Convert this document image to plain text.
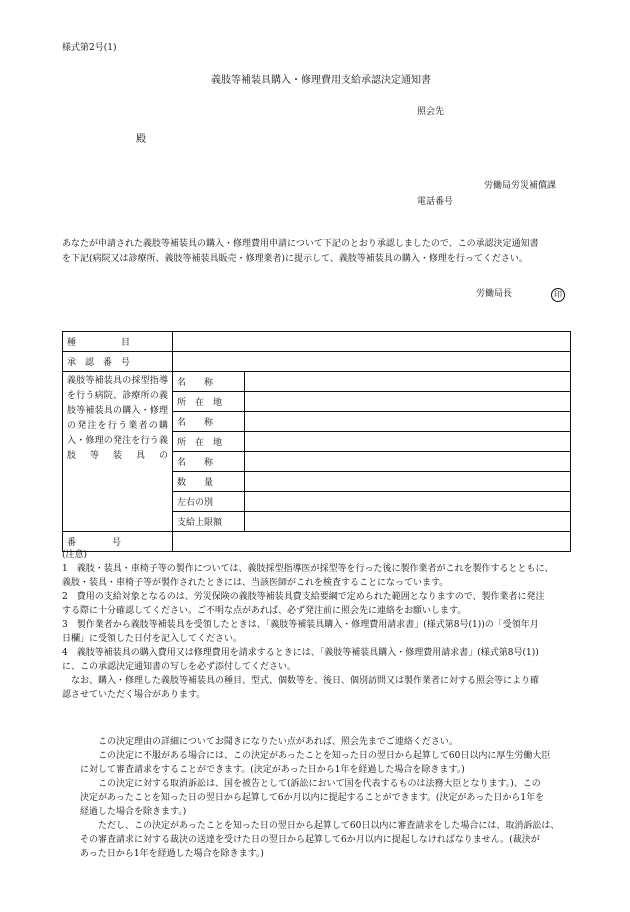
様式第2号(1)
義肢等補装具購入・修理費用支給承認決定通知書
照会先
殿
労働局労災補償課
電話番号
あなたが申請された義肢等補装具の購入・修理費用申請について下記のとおり承認しましたので、この承認決定通知書
を下記(病院又は診療所、義肢等補装具販売・修理業者)に提示して、義肢等補装具の購入・修理を行ってください。
労働局長	印
種　　　　　目		
承　認　番　号		
義肢等補装具の採型指導を行う病院、診療所の義肢等補装具の購入・修理の発注を行う業者の購入・修理の発注を行う義肢等装具の	名　　称	
	所　在　地	
	名　　称	
	所　在　地	
	名　　称	
	数　　量	
	左右の別	
	支給上限額	
番　　　　号		

(注意)

1　義肢・装具・車椅子等の製作については、義肢採型指導医が採型等を行った後に製作業者がこれを製作するとともに、

義肢・装具・車椅子等が製作されたときには、当該医師がこれを検査することになっています。

2　費用の支給対象となるのは、労災保険の義肢等補装具費支給要綱で定められた範囲となりますので、製作業者に発注

する際に十分確認してください。ご不明な点があれば、必ず発注前に照会先に連絡をお願いします。

3　製作業者から義肢等補装具を受領したときは、「義肢等補装具購入・修理費用請求書」(様式第8号(1))の「受領年月

日欄」に受領した日付を記入してください。

4　義肢等補装具の購入費用又は修理費用を請求するときには、「義肢等補装具購入・修理費用請求書」(様式第8号(1))

に、この承認決定通知書の写しを必ず添付してください。

なお、購入・修理した義肢等補装具の種目、型式、個数等を、後日、個別訪問又は製作業者に対する照会等により確

認させていただく場合があります。

この決定理由の詳細についてお聞きになりたい点があれば、照会先までご連絡ください。

この決定に不服がある場合には、この決定があったことを知った日の翌日から起算して60日以内に厚生労働大臣

に対して審査請求をすることができます。(決定があった日から1年を経過した場合を除きます。)

この決定に対する取消訴訟は、国を被告として(訴訟において国を代表するものは法務大臣となります。)、この

決定があったことを知った日の翌日から起算して6か月以内に提起することができます。(決定があった日から1年を

経過した場合を除きます。)

ただし、この決定があったことを知った日の翌日から起算して60日以内に審査請求をした場合には、取消訴訟は、

その審査請求に対する裁決の送達を受けた日の翌日から起算して6か月以内に提起しなければなりません。(裁決が

あった日から1年を経過した場合を除きます。)
